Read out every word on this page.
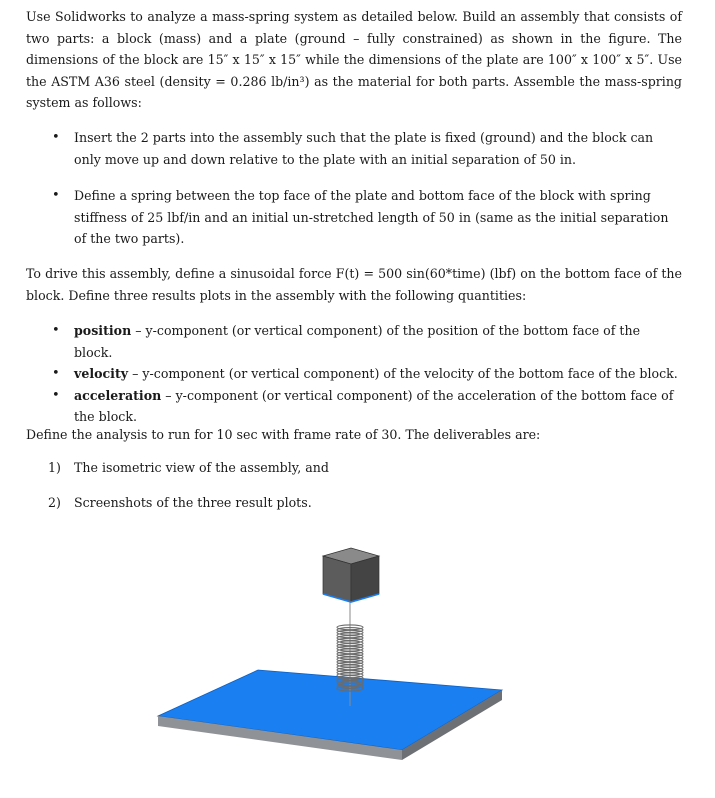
Use Solidworks to analyze a mass-spring system as detailed below. Build an assembly that consists of two parts: a block (mass) and a plate (ground – fully constrained) as shown in the figure. The dimensions of the block are 15″ x 15″ x 15″ while the dimensions of the plate are 100″ x 100″ x 5″. Use the ASTM A36 steel (density = 0.286 lb/in³) as the material for both parts. Assemble the mass-spring system as follows:

• Insert the 2 parts into the assembly such that the plate is fixed (ground) and the block can only move up and down relative to the plate with an initial separation of 50 in.
• Define a spring between the top face of the plate and bottom face of the block with spring stiffness of 25 lbf/in and an initial un-stretched length of 50 in (same as the initial separation of the two parts).

To drive this assembly, define a sinusoidal force F(t) = 500 sin(60*time) (lbf) on the bottom face of the block. Define three results plots in the assembly with the following quantities:

• position – y-component (or vertical component) of the position of the bottom face of the block.
• velocity – y-component (or vertical component) of the velocity of the bottom face of the block.
• acceleration – y-component (or vertical component) of the acceleration of the bottom face of the block.

Define the analysis to run for 10 sec with frame rate of 30. The deliverables are:

1) The isometric view of the assembly, and
2) Screenshots of the three result plots.
